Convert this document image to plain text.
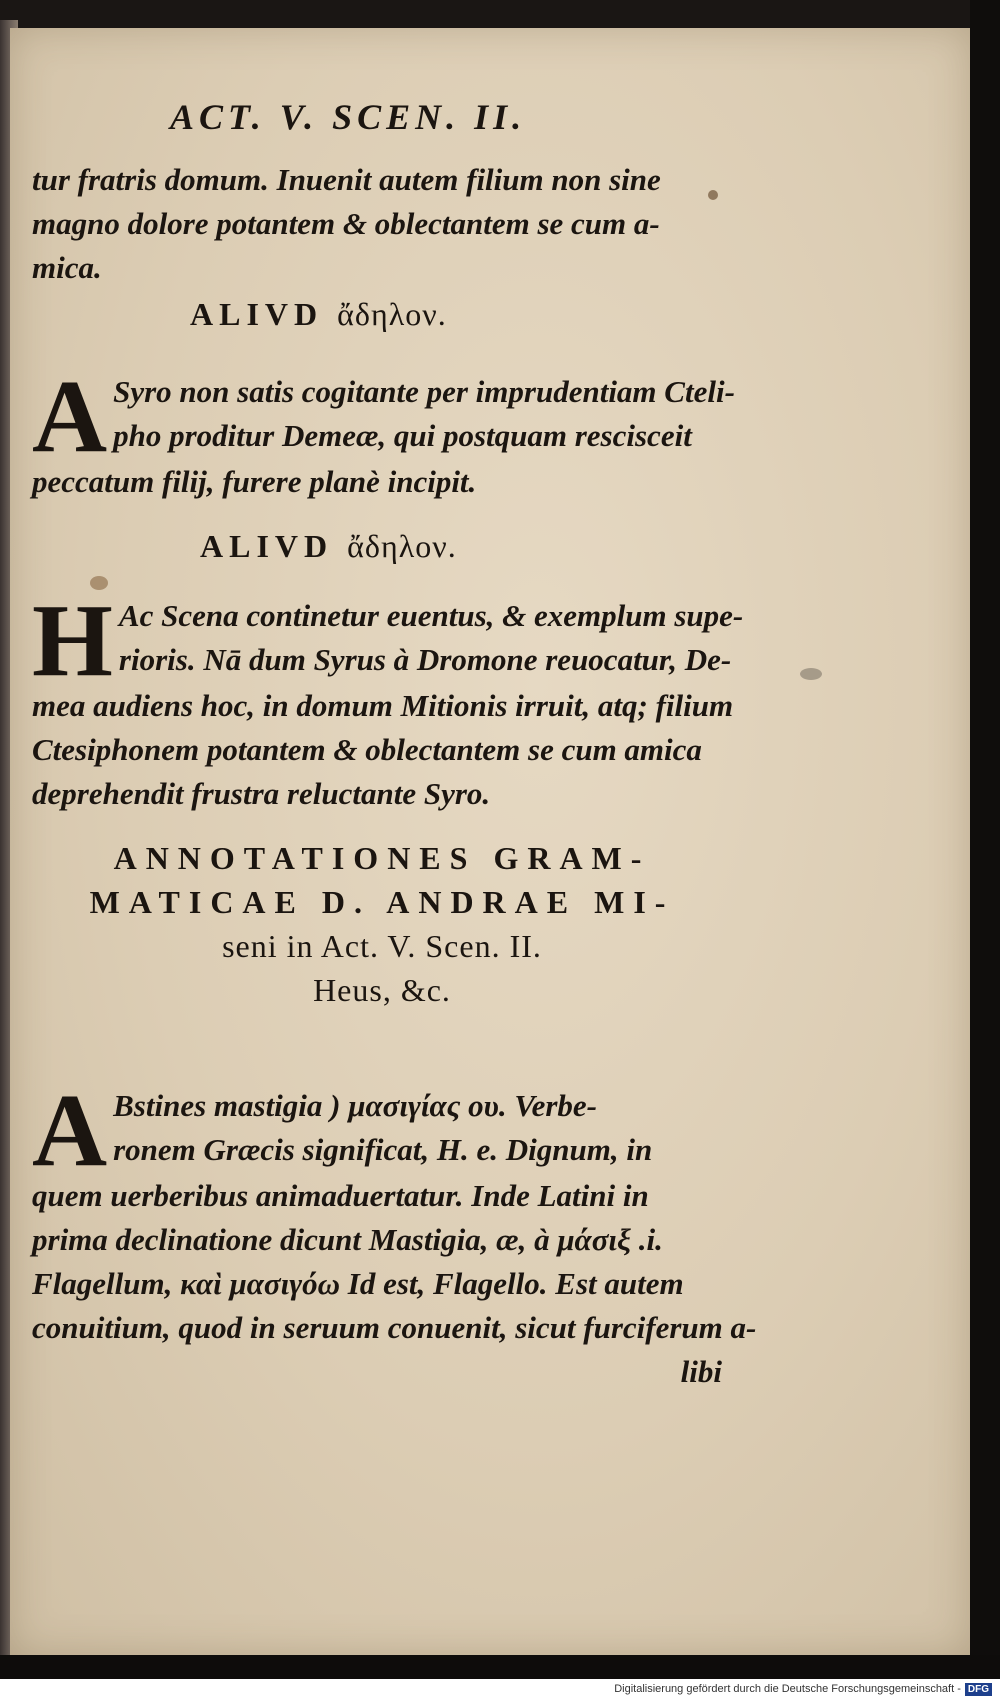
ACT. V. SCEN. II.
tur fratris domum. Inuenit autem filium non sine
magno dolore potantem & oblectantem se cum a-
mica.
ALIVD ἄδηλον.
A Syro non satis cogitante per imprudentiam Cteli-
pho proditur Demeæ, qui postquam rescisceit
peccatum filij, furere planè incipit.
ALIVD ἄδηλον.
H Ac Scena continetur euentus, & exemplum supe-
rioris. Nā dum Syrus à Dromone reuocatur, De-
mea audiens hoc, in domum Mitionis irruit, atq; filium
Ctesiphonem potantem & oblectantem se cum amica
deprehendit frustra reluctante Syro.
ANNOTATIONES GRAM-
MATICAE D. ANDRAE MI-
seni in Act. V. Scen. II.
Heus, &c.
A Bstines mastigia ) μασιγίας ου. Verbe-
ronem Græcis significat, H. e. Dignum, in
quem uerberibus animaduertatur. Inde Latini in
prima declinatione dicunt Mastigia, æ, à μάσιξ .i.
Flagellum, καὶ μασιγόω Id est, Flagello. Est autem
conuitium, quod in seruum conuenit, sicut furciferum a-
libi
Digitalisierung gefördert durch die Deutsche Forschungsgemeinschaft - DFG
